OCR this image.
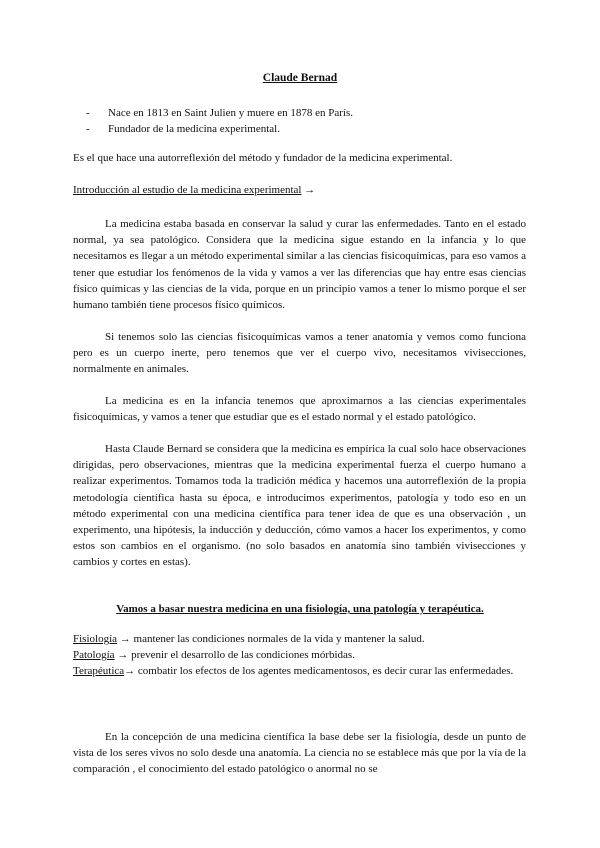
Claude Bernad
-	Nace en 1813 en Saint Julien y muere en 1878 en París.
-	Fundador de la medicina experimental.
Es el que hace una autorreflexión del método y fundador de la medicina experimental.
Introducción al estudio de la medicina experimental →

La medicina estaba basada en conservar la salud y curar las enfermedades. Tanto en el estado normal, ya sea patológico. Considera que la medicina sigue estando en la infancia y lo que necesitamos es llegar a un método experimental similar a las ciencias fisicoquímicas, para eso vamos a tener que estudiar los fenómenos de la vida y vamos a ver las diferencias que hay entre esas ciencias físico químicas y las ciencias de la vida, porque en un principio vamos a tener lo mismo porque el ser humano también tiene procesos físico químicos.

Si tenemos solo las ciencias fisicoquímicas vamos a tener anatomía y vemos como funciona pero es un cuerpo inerte, pero tenemos que ver el cuerpo vivo, necesitamos vivisecciones, normalmente en animales.

La medicina es en la infancia tenemos que aproximarnos a las ciencias experimentales fisicoquímicas, y vamos a tener que estudiar que es el estado normal y el estado patológico.

Hasta Claude Bernard se considera que la medicina es empírica la cual solo hace observaciones dirigidas, pero observaciones, mientras que la medicina experimental fuerza el cuerpo humano a realizar experimentos. Tomamos toda la tradición médica y hacemos una autorreflexión de la propia metodología científica hasta su época, e introducimos experimentos, patología y todo eso en un método experimental con una medicina científica para tener idea de que es una observación , un experimento, una hipótesis, la inducción y deducción, cómo vamos a hacer los experimentos, y como estos son cambios en el organismo. (no solo basados en anatomía sino también vivisecciones y cambios y cortes en estas).

Vamos a basar nuestra medicina en una fisiología, una patología y terapéutica.

Fisiología → mantener las condiciones normales de la vida y mantener la salud.

Patología → prevenir el desarrollo de las condiciones mórbidas.

Terapéutica→ combatir los efectos de los agentes medicamentosos, es decir curar las enfermedades.

En la concepción de una medicina científica la base debe ser la fisiología, desde un punto de vista de los seres vivos no solo desde una anatomía. La ciencia no se establece más que por la vía de la comparación , el conocimiento del estado patológico o anormal no se
